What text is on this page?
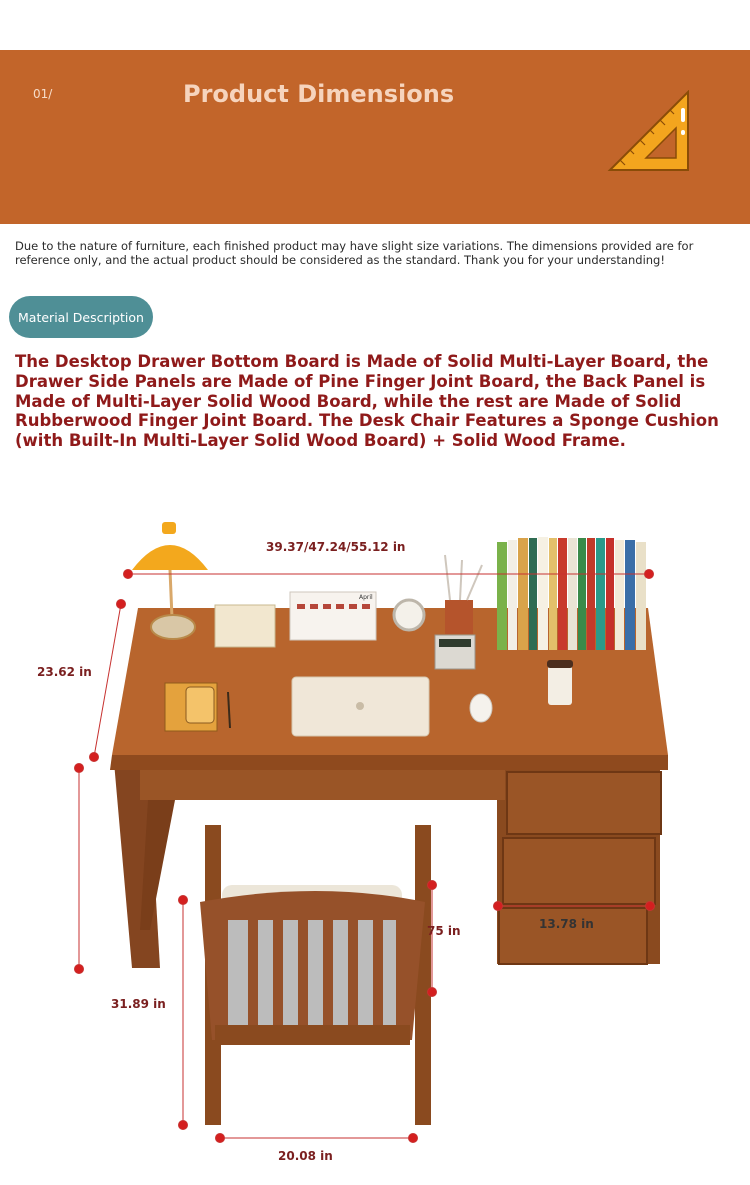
01/	Product Dimensions
Due to the nature of furniture, each finished product may have slight size variations. The dimensions provided are for reference only, and the actual product should be considered as the standard. Thank you for your understanding!
Material Description
The Desktop Drawer Bottom Board is Made of Solid Multi-Layer Board, the Drawer Side Panels are Made of Pine Finger Joint Board, the Back Panel is Made of Multi-Layer Solid Wood Board, while the rest are Made of Solid Rubberwood Finger Joint Board. The Desk Chair Features a Sponge Cushion (with Built-In Multi-Layer Solid Wood Board) + Solid Wood Frame.
April
39.37/47.24/55.12 in
23.62 in
31.89 in
13.78 in
75 in
20.08 in
